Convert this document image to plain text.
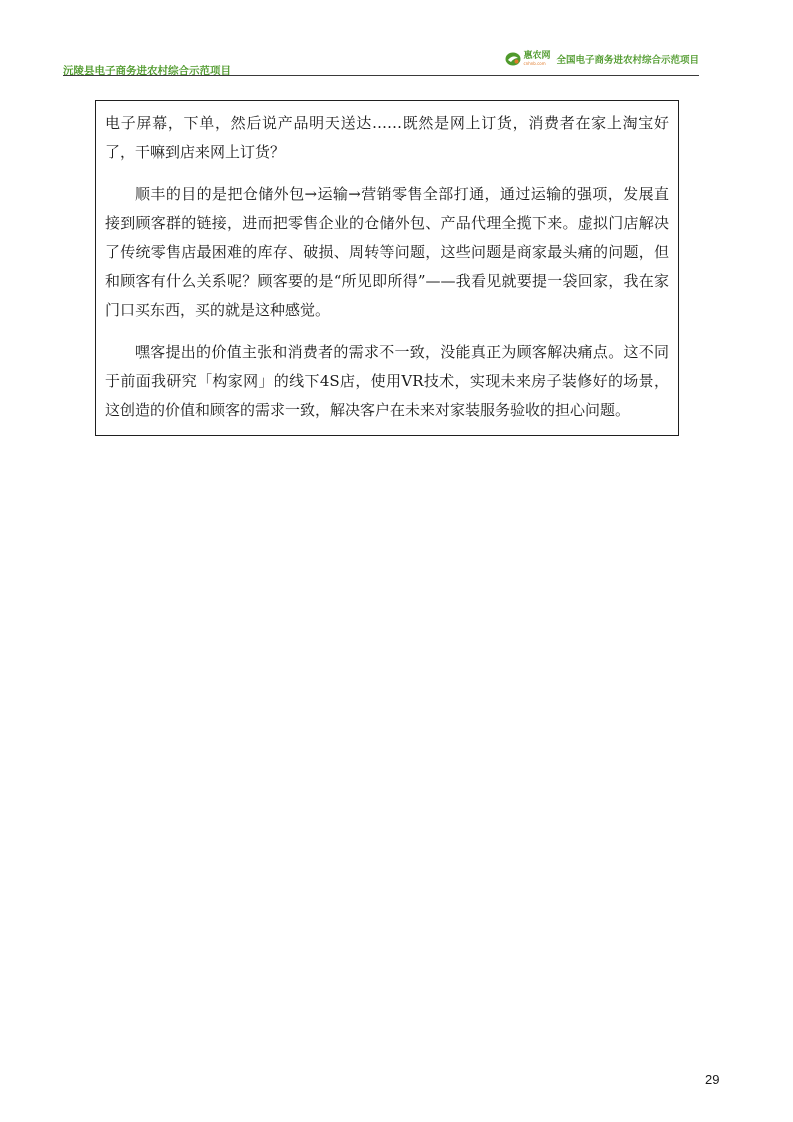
沅陵县电子商务进农村综合示范项目
惠农网
cnhnb.com	全国电子商务进农村综合示范项目

电子屏幕，下单，然后说产品明天送达……既然是网上订货，消费者在家上淘宝好了，干嘛到店来网上订货？

顺丰的目的是把仓储外包→运输→营销零售全部打通，通过运输的强项，发展直接到顾客群的链接，进而把零售企业的仓储外包、产品代理全揽下来。虚拟门店解决了传统零售店最困难的库存、破损、周转等问题，这些问题是商家最头痛的问题，但和顾客有什么关系呢？顾客要的是“所见即所得”——我看见就要提一袋回家，我在家门口买东西，买的就是这种感觉。

嘿客提出的价值主张和消费者的需求不一致，没能真正为顾客解决痛点。这不同于前面我研究「构家网」的线下4S店，使用VR技术，实现未来房子装修好的场景，这创造的价值和顾客的需求一致，解决客户在未来对家装服务验收的担心问题。

29
